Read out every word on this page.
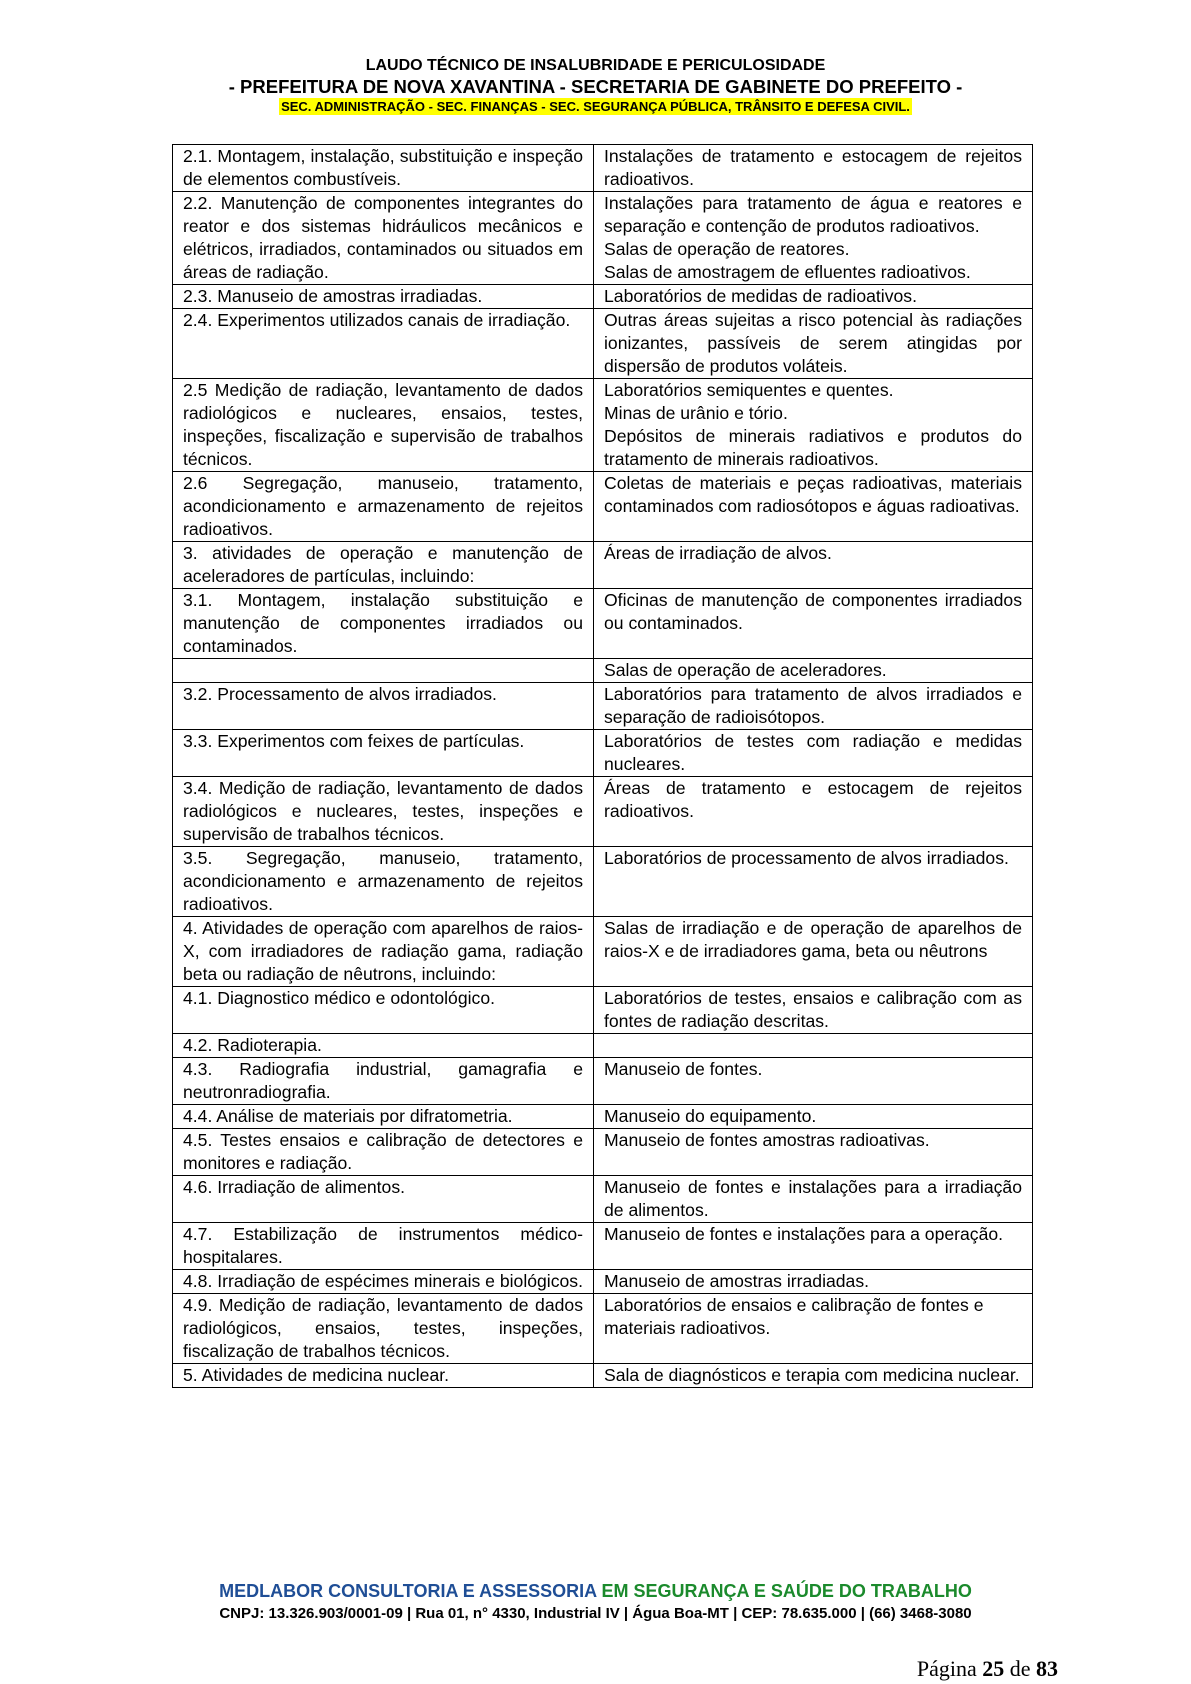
LAUDO TÉCNICO DE INSALUBRIDADE E PERICULOSIDADE
- PREFEITURA DE NOVA XAVANTINA - SECRETARIA DE GABINETE DO PREFEITO -
SEC. ADMINISTRAÇÃO - SEC. FINANÇAS - SEC. SEGURANÇA PÚBLICA, TRÂNSITO E DEFESA CIVIL.
2.1. Montagem, instalação, substituição e inspeção de elementos combustíveis.	Instalações de tratamento e estocagem de rejeitos radioativos.
2.2. Manutenção de componentes integrantes do reator e dos sistemas hidráulicos mecânicos e elétricos, irradiados, contaminados ou situados em áreas de radiação.	Instalações para tratamento de água e reatores e separação e contenção de produtos radioativos.
Salas de operação de reatores.
Salas de amostragem de efluentes radioativos.
2.3. Manuseio de amostras irradiadas.	Laboratórios de medidas de radioativos.
2.4. Experimentos utilizados canais de irradiação.	Outras áreas sujeitas a risco potencial às radiações ionizantes, passíveis de serem atingidas por dispersão de produtos voláteis.
2.5 Medição de radiação, levantamento de dados radiológicos e nucleares, ensaios, testes, inspeções, fiscalização e supervisão de trabalhos técnicos.	Laboratórios semiquentes e quentes.
Minas de urânio e tório.
Depósitos de minerais radiativos e produtos do tratamento de minerais radioativos.
2.6 Segregação, manuseio, tratamento, acondicionamento e armazenamento de rejeitos radioativos.	Coletas de materiais e peças radioativas, materiais contaminados com radiosótopos e águas radioativas.
3. atividades de operação e manutenção de aceleradores de partículas, incluindo:	Áreas de irradiação de alvos.
3.1. Montagem, instalação substituição e manutenção de componentes irradiados ou contaminados.	Oficinas de manutenção de componentes irradiados ou contaminados.
	Salas de operação de aceleradores.
3.2. Processamento de alvos irradiados.	Laboratórios para tratamento de alvos irradiados e separação de radioisótopos.
3.3. Experimentos com feixes de partículas.	Laboratórios de testes com radiação e medidas nucleares.
3.4. Medição de radiação, levantamento de dados radiológicos e nucleares, testes, inspeções e supervisão de trabalhos técnicos.	Áreas de tratamento e estocagem de rejeitos radioativos.
3.5. Segregação, manuseio, tratamento, acondicionamento e armazenamento de rejeitos radioativos.	Laboratórios de processamento de alvos irradiados.
4. Atividades de operação com aparelhos de raios-X, com irradiadores de radiação gama, radiação beta ou radiação de nêutrons, incluindo:	Salas de irradiação e de operação de aparelhos de raios-X e de irradiadores gama, beta ou nêutrons
4.1. Diagnostico médico e odontológico.	Laboratórios de testes, ensaios e calibração com as fontes de radiação descritas.
4.2. Radioterapia.	
4.3. Radiografia industrial, gamagrafia e neutronradiografia.	Manuseio de fontes.
4.4. Análise de materiais por difratometria.	Manuseio do equipamento.
4.5. Testes ensaios e calibração de detectores e monitores e radiação.	Manuseio de fontes amostras radioativas.
4.6. Irradiação de alimentos.	Manuseio de fontes e instalações para a irradiação de alimentos.
4.7. Estabilização de instrumentos médico-hospitalares.	Manuseio de fontes e instalações para a operação.
4.8. Irradiação de espécimes minerais e biológicos.	Manuseio de amostras irradiadas.
4.9. Medição de radiação, levantamento de dados radiológicos, ensaios, testes, inspeções, fiscalização de trabalhos técnicos.	Laboratórios de ensaios e calibração de fontes e
materiais radioativos.
5. Atividades de medicina nuclear.	Sala de diagnósticos e terapia com medicina nuclear.
MEDLABOR CONSULTORIA E ASSESSORIA EM SEGURANÇA E SAÚDE DO TRABALHO
CNPJ: 13.326.903/0001-09 | Rua 01, n° 4330, Industrial IV | Água Boa-MT | CEP: 78.635.000 | (66) 3468-3080
Página 25 de 83
